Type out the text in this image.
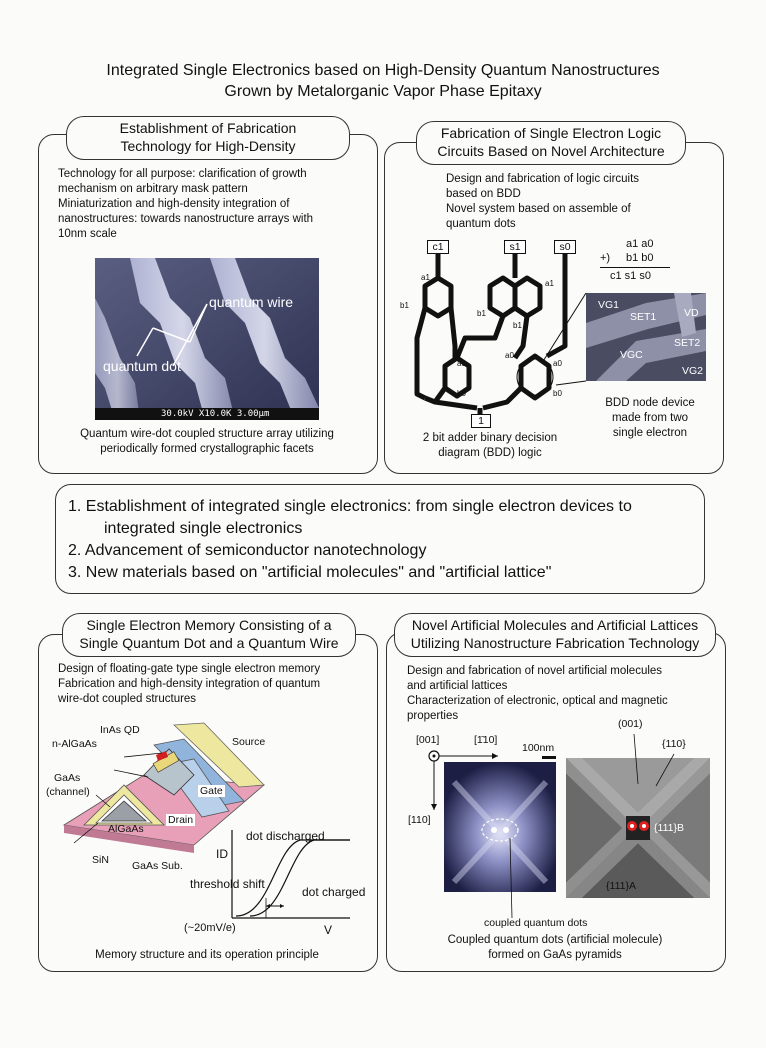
Integrated Single Electronics based on High-Density Quantum Nanostructures
Grown by Metalorganic Vapor Phase Epitaxy
Establishment of Fabrication
Technology for High-Density
Technology for all purpose: clarification of growth
mechanism on arbitrary mask pattern
Miniaturization and high-density integration of
nanostructures: towards nanostructure arrays with
10nm scale
quantum wire
quantum dot
30.0kV X10.0K 3.00μm
Quantum wire-dot coupled structure array utilizing
periodically formed crystallographic facets
Fabrication of Single Electron Logic
Circuits Based on Novel Architecture
Design and fabrication of logic circuits
based on BDD
Novel system based on assemble of
quantum dots
c1	s1	s0
1
a1
b1
a0
b1
a1
b1
a0
b0
a0
b0
a1 a0
+) b1 b0
c1 s1 s0
VG1
SET1	VD
VGC
SET2
VG2
2 bit adder binary decision
diagram (BDD) logic
BDD node device
made from two
single electron
1. Establishment of integrated single electronics: from single electron devices to
integrated single electronics
2. Advancement of semiconductor nanotechnology
3. New materials based on "artificial molecules" and "artificial lattice"
Single Electron Memory Consisting of a
Single Quantum Dot and a Quantum Wire
Design of floating-gate type single electron memory
Fabrication and high-density integration of quantum
wire-dot coupled structures
InAs QD
n-AlGaAs	Source
GaAs
(channel)	Gate
Drain
AlGaAs
SiN GaAs Sub.
ID
V
dot discharged
threshold shift
dot charged
(~20mV/e)
Memory structure and its operation principle
Novel Artificial Molecules and Artificial Lattices
Utilizing Nanostructure Fabrication Technology
Design and fabrication of novel artificial molecules
and artificial lattices
Characterization of electronic, optical and magnetic
properties
[001]	[1̄10]
[110]
100nm
(001)
{110}
{111}B
{111}A
coupled quantum dots
Coupled quantum dots (artificial molecule)
formed on GaAs pyramids
